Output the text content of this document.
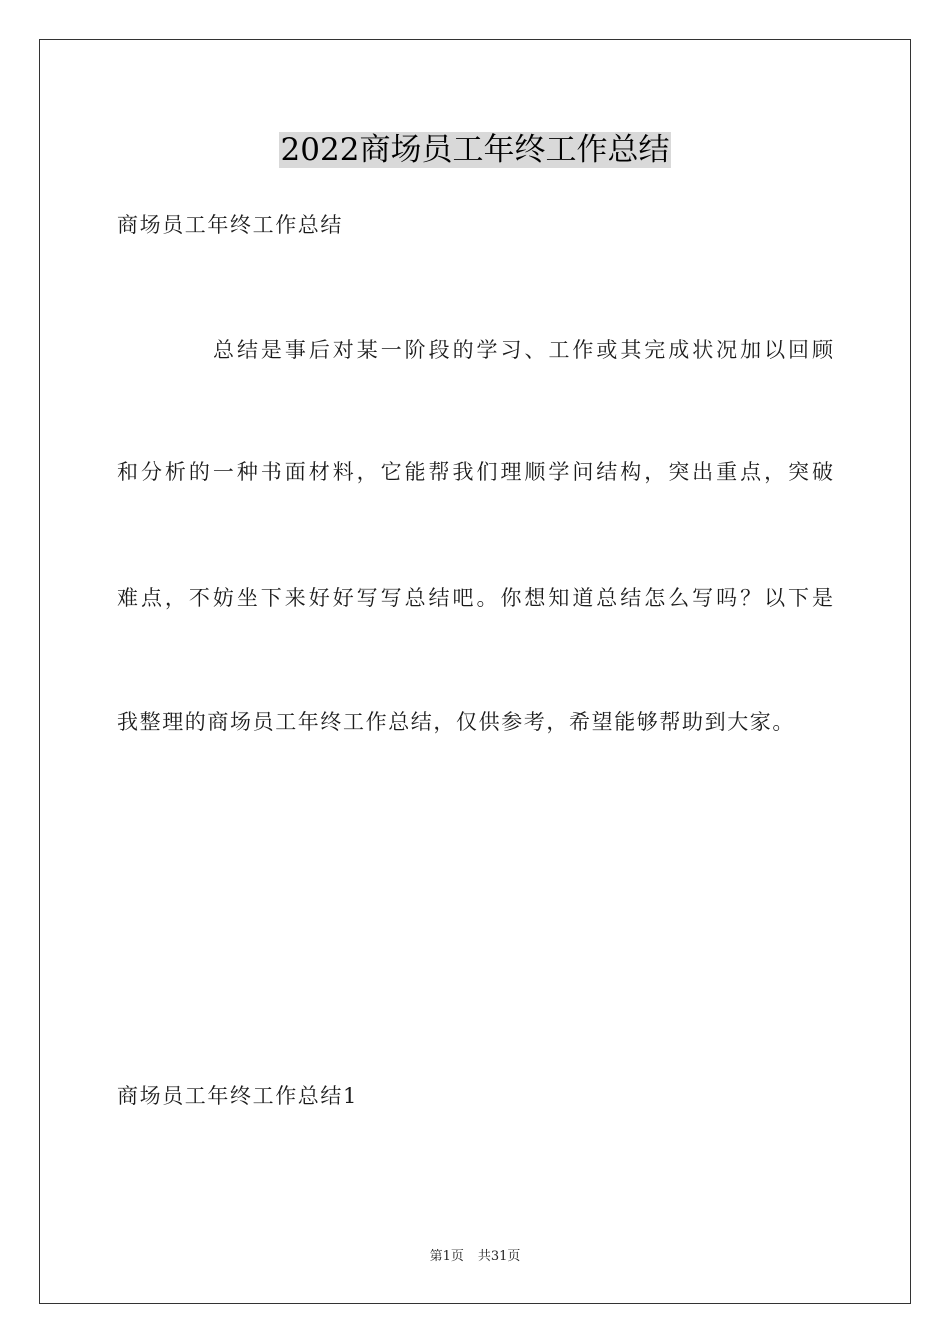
2022商场员工年终工作总结
商场员工年终工作总结
总结是事后对某一阶段的学习、工作或其完成状况加以回顾
和分析的一种书面材料，它能帮我们理顺学问结构，突出重点，突破
难点，不妨坐下来好好写写总结吧。你想知道总结怎么写吗？以下是
我整理的商场员工年终工作总结，仅供参考，希望能够帮助到大家。
商场员工年终工作总结1
第1页 共31页
